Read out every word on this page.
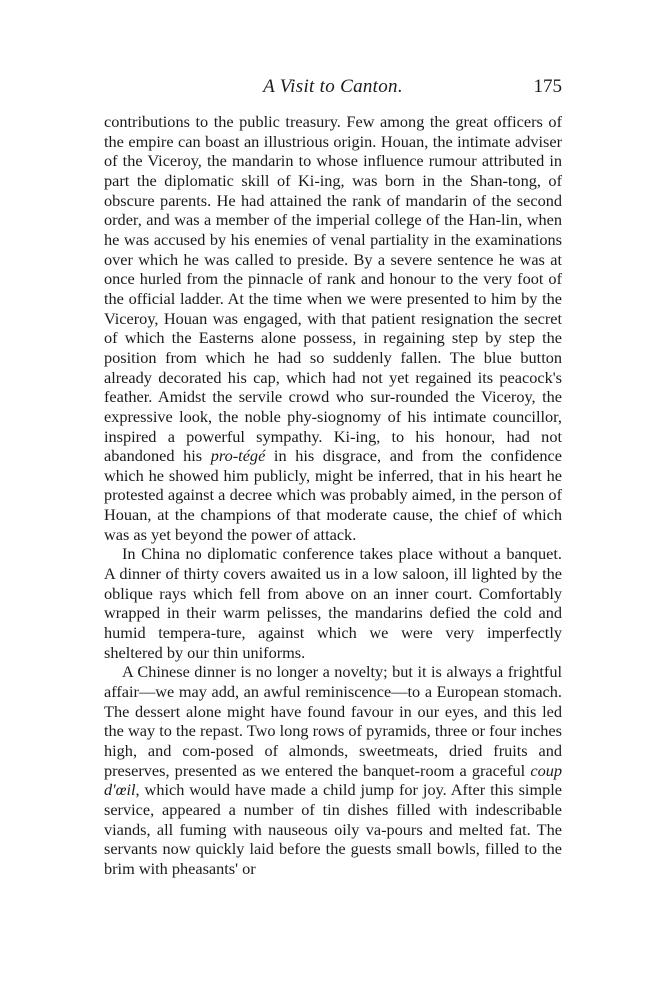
A Visit to Canton.	175

contributions to the public treasury. Few among the great officers of the empire can boast an illustrious origin. Houan, the intimate adviser of the Viceroy, the mandarin to whose influence rumour attributed in part the diplomatic skill of Ki-ing, was born in the Shan-tong, of obscure parents. He had attained the rank of mandarin of the second order, and was a member of the imperial college of the Han-lin, when he was accused by his enemies of venal partiality in the examinations over which he was called to preside. By a severe sentence he was at once hurled from the pinnacle of rank and honour to the very foot of the official ladder. At the time when we were presented to him by the Viceroy, Houan was engaged, with that patient resignation the secret of which the Easterns alone possess, in regaining step by step the position from which he had so suddenly fallen. The blue button already decorated his cap, which had not yet regained its peacock's feather. Amidst the servile crowd who sur-rounded the Viceroy, the expressive look, the noble phy-siognomy of his intimate councillor, inspired a powerful sympathy. Ki-ing, to his honour, had not abandoned his pro-tégé in his disgrace, and from the confidence which he showed him publicly, might be inferred, that in his heart he protested against a decree which was probably aimed, in the person of Houan, at the champions of that moderate cause, the chief of which was as yet beyond the power of attack.

In China no diplomatic conference takes place without a banquet. A dinner of thirty covers awaited us in a low saloon, ill lighted by the oblique rays which fell from above on an inner court. Comfortably wrapped in their warm pelisses, the mandarins defied the cold and humid tempera-ture, against which we were very imperfectly sheltered by our thin uniforms.

A Chinese dinner is no longer a novelty; but it is always a frightful affair—we may add, an awful reminiscence—to a European stomach. The dessert alone might have found favour in our eyes, and this led the way to the repast. Two long rows of pyramids, three or four inches high, and com-posed of almonds, sweetmeats, dried fruits and preserves, presented as we entered the banquet-room a graceful coup d'œil, which would have made a child jump for joy. After this simple service, appeared a number of tin dishes filled with indescribable viands, all fuming with nauseous oily va-pours and melted fat. The servants now quickly laid before the guests small bowls, filled to the brim with pheasants' or
